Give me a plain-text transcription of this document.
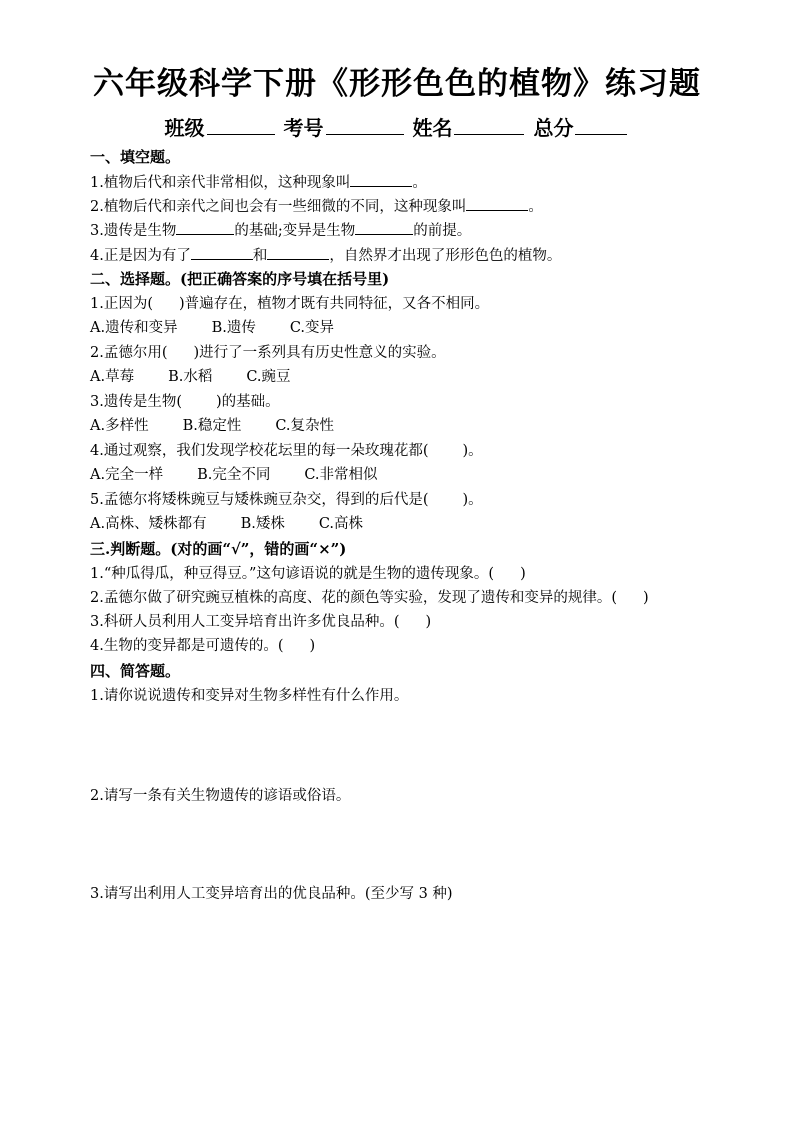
六年级科学下册《形形色色的植物》练习题
班级	考号	姓名	总分
一、填空题。
1.植物后代和亲代非常相似，这种现象叫	。
2.植物后代和亲代之间也会有一些细微的不同，这种现象叫	。
3.遗传是生物	的基础;变异是生物	的前提。
4.正是因为有了	和	，自然界才出现了形形色色的植物。
二、选择题。(把正确答案的序号填在括号里)
1.正因为( )普遍存在，植物才既有共同特征，又各不相同。
A.遗传和变异 B.遗传 C.变异
2.孟德尔用( )进行了一系列具有历史性意义的实验。
A.草莓 B.水稻 C.豌豆
3.遗传是生物( )的基础。
A.多样性 B.稳定性 C.复杂性
4.通过观察，我们发现学校花坛里的每一朵玫瑰花都( )。
A.完全一样 B.完全不同 C.非常相似
5.孟德尔将矮株豌豆与矮株豌豆杂交，得到的后代是( )。
A.高株、矮株都有 B.矮株 C.高株
三.判断题。(对的画“√”，错的画“×”)
1.“种瓜得瓜，种豆得豆。”这句谚语说的就是生物的遗传现象。( )
2.孟德尔做了研究豌豆植株的高度、花的颜色等实验，发现了遗传和变异的规律。( )
3.科研人员利用人工变异培育出许多优良品种。( )
4.生物的变异都是可遗传的。( )
四、简答题。
1.请你说说遗传和变异对生物多样性有什么作用。
2.请写一条有关生物遗传的谚语或俗语。
3.请写出利用人工变异培育出的优良品种。(至少写 3 种)
